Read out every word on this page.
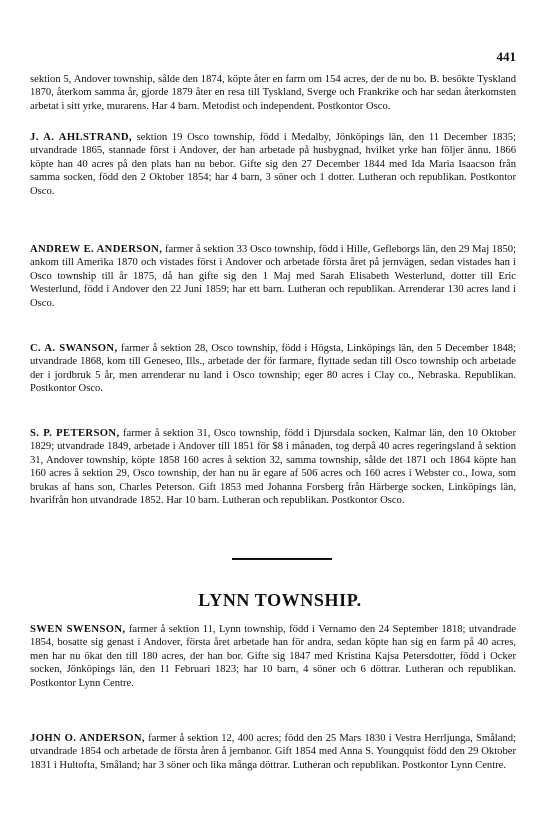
441

sektion 5, Andover township, sålde den 1874, köpte åter en farm om 154 acres, der de nu bo. B. besökte Tyskland 1870, återkom samma år, gjorde 1879 åter en resa till Tyskland, Sverge och Frankrike och har sedan återkomsten arbetat i sitt yrke, murarens. Har 4 barn. Metodist och independent. Postkontor Osco.

J. A. AHLSTRAND, sektion 19 Osco township, född i Medalby, Jönköpings län, den 11 December 1835; utvandrade 1865, stannade först i Andover, der han arbetade på husbygnad, hvilket yrke han följer ännu. 1866 köpte han 40 acres på den plats han nu bebor. Gifte sig den 27 December 1844 med Ida Maria Isaacson från samma socken, född den 2 Oktober 1854; har 4 barn, 3 söner och 1 dotter. Lutheran och republikan. Postkontor Osco.

ANDREW E. ANDERSON, farmer å sektion 33 Osco township, född i Hille, Gefleborgs län, den 29 Maj 1850; ankom till Amerika 1870 och vistades först i Andover och arbetade första året på jernvägen, sedan vistades han i Osco township till år 1875, då han gifte sig den 1 Maj med Sarah Elisabeth Westerlund, dotter till Eric Westerlund, född i Andover den 22 Juni 1859; har ett barn. Lutheran och republikan. Arrenderar 130 acres land i Osco.

C. A. SWANSON, farmer å sektion 28, Osco township, född i Högsta, Linköpings län, den 5 December 1848; utvandrade 1868, kom till Geneseo, Ills., arbetade der för farmare, flyttade sedan till Osco township och arbetade der i jordbruk 5 år, men arrenderar nu land i Osco township; eger 80 acres i Clay co., Nebraska. Republikan. Postkontor Osco.

S. P. PETERSON, farmer å sektion 31, Osco township, född i Djursdala socken, Kalmar län, den 10 Oktober 1829; utvandrade 1849, arbetade i Andover till 1851 för $8 i månaden, tog derpå 40 acres regeringsland å sektion 31, Andover township, köpte 1858 160 acres å sektion 32, samma township, sålde det 1871 och 1864 köpte han 160 acres å sektion 29, Osco township, der han nu är egare af 506 acres och 160 acres i Webster co., Iowa, som brukas af hans son, Charles Peterson. Gift 1853 med Johanna Forsberg från Härberge socken, Linköpings län, hvarifrån hon utvandrade 1852. Har 10 barn. Lutheran och republikan. Postkontor Osco.

LYNN TOWNSHIP.

SWEN SWENSON, farmer å sektion 11, Lynn township, född i Vernamo den 24 September 1818; utvandrade 1854, bosatte sig genast i Andover, första året arbetade han för andra, sedan köpte han sig en farm på 40 acres, men har nu ökat den till 180 acres, der han bor. Gifte sig 1847 med Kristina Kajsa Petersdotter, född i Ocker socken, Jönköpings län, den 11 Februari 1823; har 10 barn, 4 söner och 6 döttrar. Lutheran och republikan. Postkontor Lynn Centre.

JOHN O. ANDERSON, farmer å sektion 12, 400 acres; född den 25 Mars 1830 i Vestra Herrljunga, Småland; utvandrade 1854 och arbetade de första åren å jernbanor. Gift 1854 med Anna S. Youngquist född den 29 Oktober 1831 i Hultofta, Småland; har 3 söner och lika många döttrar. Lutheran och republikan. Postkontor Lynn Centre.
